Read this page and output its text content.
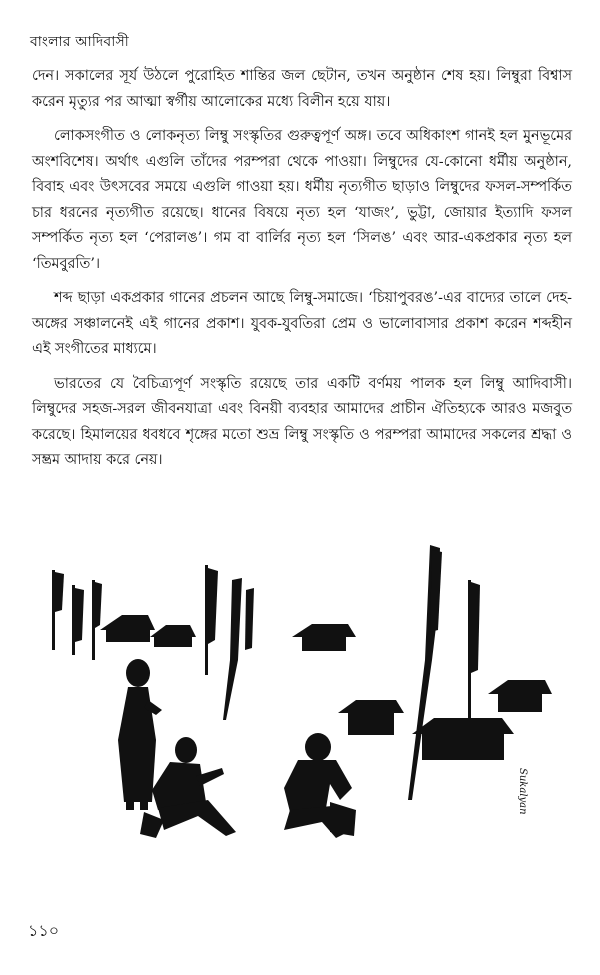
বাংলার আদিবাসী

দেন। সকালের সূর্য উঠলে পুরোহিত শান্তির জল ছেটান, তখন অনুষ্ঠান শেষ হয়। লিম্বুরা বিশ্বাস করেন মৃত্যুর পর আত্মা স্বর্গীয় আলোকের মধ্যে বিলীন হয়ে যায়।

লোকসংগীত ও লোকনৃত্য লিম্বু সংস্কৃতির গুরুত্বপূর্ণ অঙ্গ। তবে অধিকাংশ গানই হল মুনভূমের অংশবিশেষ। অর্থাৎ এগুলি তাঁদের পরম্পরা থেকে পাওয়া। লিম্বুদের যে-কোনো ধর্মীয় অনুষ্ঠান, বিবাহ এবং উৎসবের সময়ে এগুলি গাওয়া হয়। ধর্মীয় নৃত্যগীত ছাড়াও লিম্বুদের ফসল-সম্পর্কিত চার ধরনের নৃত্যগীত রয়েছে। ধানের বিষয়ে নৃত্য হল ‘যাজং’, ভুট্টা, জোয়ার ইত্যাদি ফসল সম্পর্কিত নৃত্য হল ‘পেরালঙ’। গম বা বার্লির নৃত্য হল ‘সিলঙ’ এবং আর-একপ্রকার নৃত্য হল ‘তিমবুরতি’।

শব্দ ছাড়া একপ্রকার গানের প্রচলন আছে লিম্বু-সমাজে। ‘চিয়াপুবরঙ’-এর বাদ্যের তালে দেহ-অঙ্গের সঞ্চালনেই এই গানের প্রকাশ। যুবক-যুবতিরা প্রেম ও ভালোবাসার প্রকাশ করেন শব্দহীন এই সংগীতের মাধ্যমে।

ভারতের যে বৈচিত্র্যপূর্ণ সংস্কৃতি রয়েছে তার একটি বর্ণময় পালক হল লিম্বু আদিবাসী। লিম্বুদের সহজ-সরল জীবনযাত্রা এবং বিনয়ী ব্যবহার আমাদের প্রাচীন ঐতিহ্যকে আরও মজবুত করেছে। হিমালয়ের ধবধবে শৃঙ্গের মতো শুভ্র লিম্বু সংস্কৃতি ও পরম্পরা আমাদের সকলের শ্রদ্ধা ও সম্ভ্রম আদায় করে নেয়।

Sukalyan
১১০
